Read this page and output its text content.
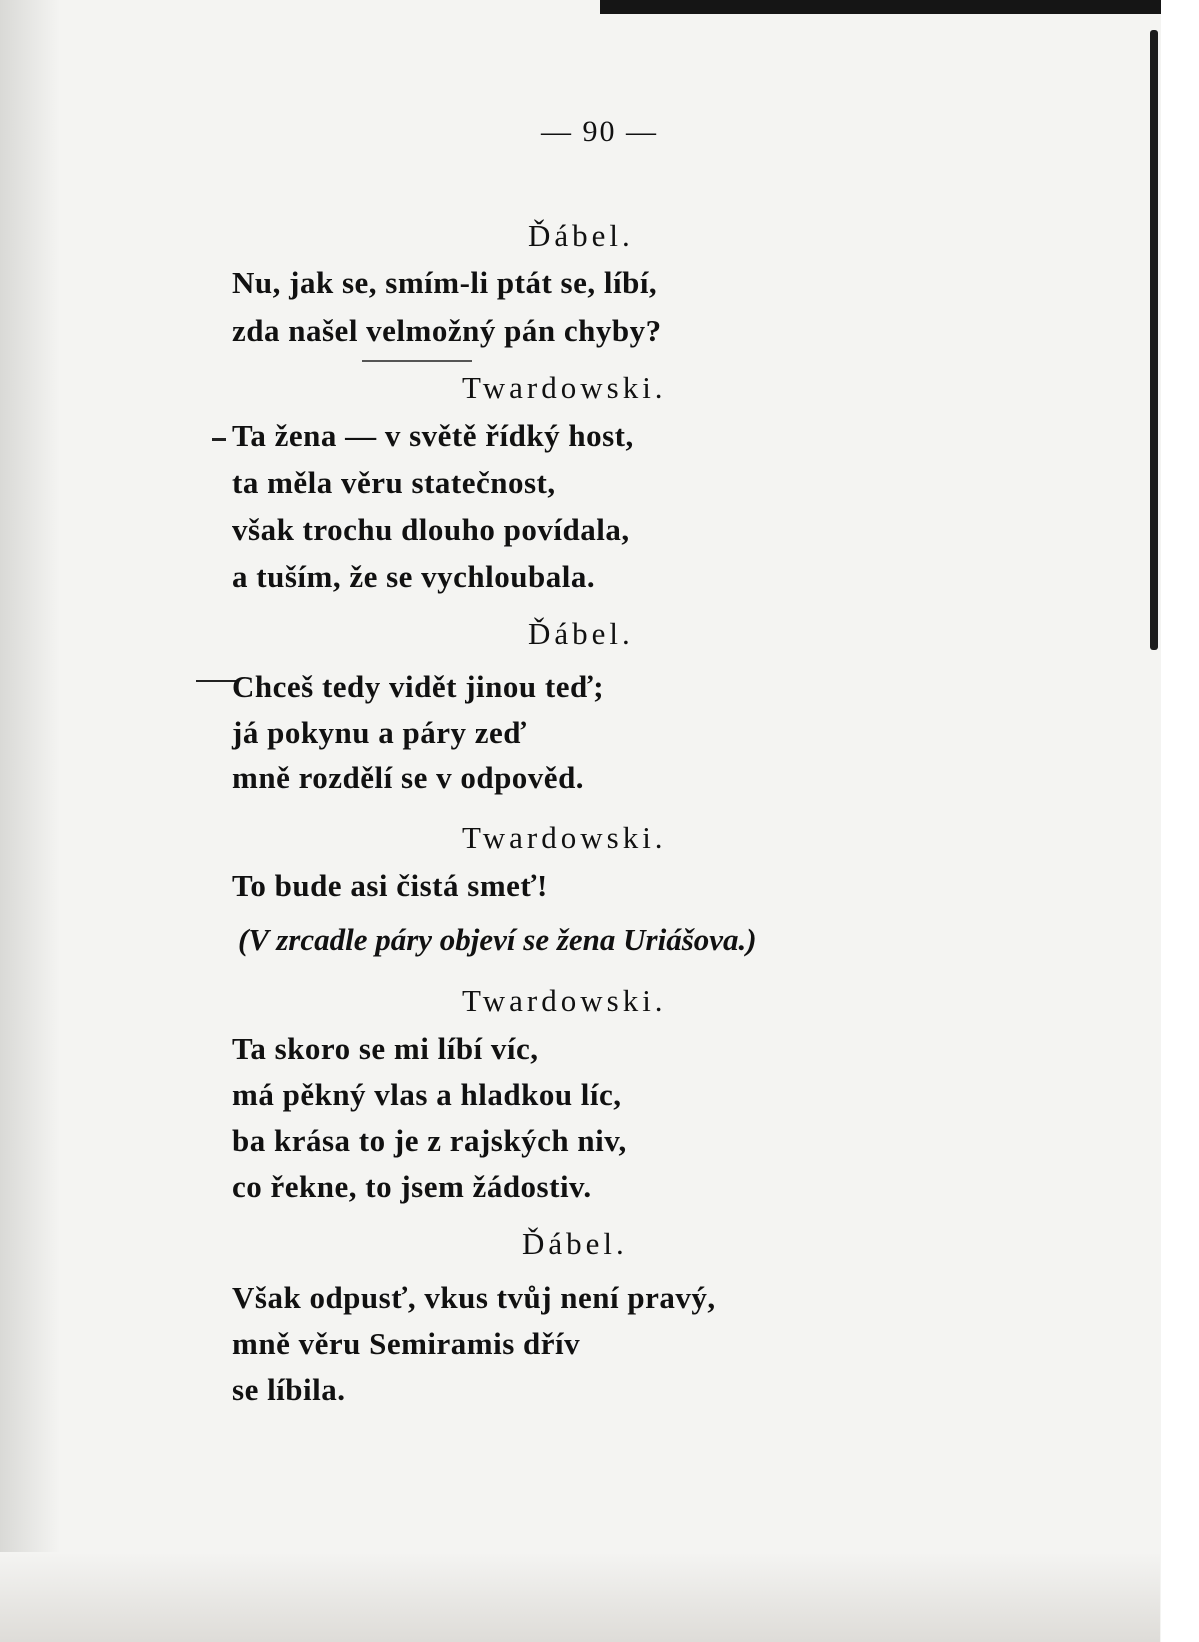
— 90 —

Ďábel.

Nu, jak se, smím-li ptát se, líbí,

zda našel velmožný pán chyby?

Twardowski.

Ta žena — v světě řídký host,

ta měla věru statečnost,

však trochu dlouho povídala,

a tuším, že se vychloubala.

Ďábel.

Chceš tedy vidět jinou teď;

já pokynu a páry zeď

mně rozdělí se v odpověd.

Twardowski.

To bude asi čistá smeť!

(V zrcadle páry objeví se žena Uriášova.)

Twardowski.

Ta skoro se mi líbí víc,

má pěkný vlas a hladkou líc,

ba krása to je z rajských niv,

co řekne, to jsem žádostiv.

Ďábel.

Však odpusť, vkus tvůj není pravý,

mně věru Semiramis dřív

se líbila.
